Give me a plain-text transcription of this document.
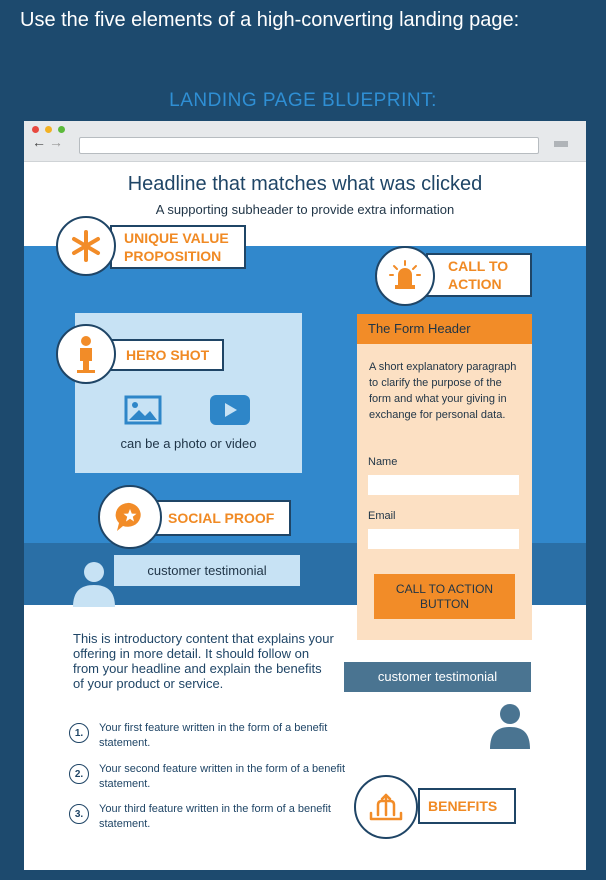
Use the five elements of a high-converting landing page:
LANDING PAGE BLUEPRINT:
← →
Headline that matches what was clicked
A supporting subheader to provide extra information
UNIQUE VALUE PROPOSITION
CALL TO ACTION
can be a photo or video
HERO SHOT
SOCIAL PROOF
customer testimonial
The Form Header
A short explanatory paragraph to clarify the purpose of the form and what your giving in exchange for personal data.
Name
Email
CALL TO ACTION BUTTON
customer testimonial
This is introductory content that explains your offering in more detail. It should follow on from your headline and explain the benefits of your product or service.
1.	Your first feature written in the form of a benefit statement.
2.	Your second feature written in the form of a benefit statement.
3.	Your third feature written in the form of a benefit statement.
BENEFITS
